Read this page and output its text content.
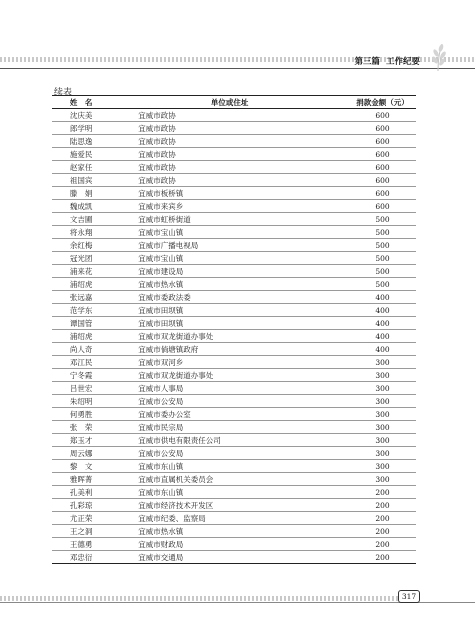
第三篇 工作纪要
续表
姓　名	单位或住址	捐款金额（元）
沈庆美	宜威市政协	600
郎学明	宜威市政协	600
陆思逸	宜威市政协	600
施爱民	宜威市政协	600
赵家任	宜威市政协	600
祖国宾	宜威市政协	600
滕　娟	宜威市板桥镇	600
魏成凯	宜威市来宾乡	600
文吉圃	宜威市虹桥街道	500
将永翔	宜威市宝山镇	500
余红梅	宜威市广播电视局	500
冠光团	宜威市宝山镇	500
浦来花	宜威市建设局	500
浦绍虎	宜威市热水镇	500
张远嘉	宜威市委政法委	400
范学东	宜威市田坝镇	400
谭国管	宜威市田坝镇	400
浦绍虎	宜威市双龙街道办事处	400
尚人奇	宜威市倘塘镇政府	400
邓江民	宜威市双河乡	300
宁冬霞	宜威市双龙街道办事处	300
吕世宏	宜威市人事局	300
朱绍明	宜威市公安局	300
何勇胜	宜威市委办公室	300
张　荣	宜威市民宗局	300
郑玉才	宜威市供电有限责任公司	300
周云娜	宜威市公安局	300
黎　文	宜威市东山镇	300
雅晖菁	宜威市直属机关委员会	300
孔美利	宜威市东山镇	200
孔彩琼	宜威市经济技术开发区	200
尤正荣	宜威市纪委、监察局	200
王之洞	宜威市热水镇	200
王德勇	宜威市财政局	200
邓忠衍	宜威市交通局	200
317
